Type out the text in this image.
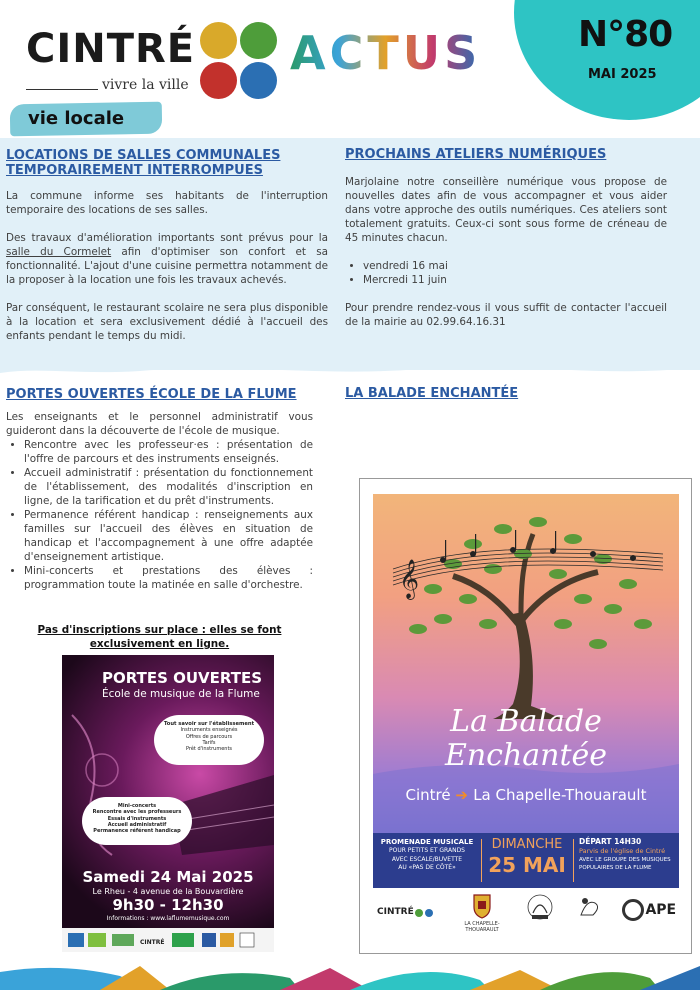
CINTRÉ
vivre la ville
ACTUS	N°80
MAI 2025
vie locale
LOCATIONS DE SALLES COMMUNALES
TEMPORAIREMENT INTERROMPUES

La commune informe ses habitants de l'interruption temporaire des locations de ses salles.

Des travaux d'amélioration importants sont prévus pour la salle du Cormelet afin d'optimiser son confort et sa fonctionnalité. L'ajout d'une cuisine permettra notamment de la proposer à la location une fois les travaux achevés.

Par conséquent, le restaurant scolaire ne sera plus disponible à la location et sera exclusivement dédié à l'accueil des enfants pendant le temps du midi.

PROCHAINS ATELIERS NUMÉRIQUES

Marjolaine notre conseillère numérique vous propose de nouvelles dates afin de vous accompagner et vous aider dans votre approche des outils numériques. Ces ateliers sont totalement gratuits. Ceux-ci sont sous forme de créneau de 45 minutes chacun.

• vendredi 16 mai
• Mercredi 11 juin

Pour prendre rendez-vous il vous suffit de contacter l'accueil de la mairie au 02.99.64.16.31

PORTES OUVERTES ÉCOLE DE LA FLUME
Les enseignants et le personnel administratif vous guideront dans la découverte de l'école de musique.
• Rencontre avec les professeur·es : présentation de l'offre de parcours et des instruments enseignés.
• Accueil administratif : présentation du fonctionnement de l'établissement, des modalités d'inscription en ligne, de la tarification et du prêt d'instruments.
• Permanence référent handicap : renseignements aux familles sur l'accueil des élèves en situation de handicap et l'accompagnement à une offre adaptée d'enseignement artistique.
• Mini-concerts et prestations des élèves : programmation toute la matinée en salle d'orchestre.
Pas d'inscriptions sur place : elles se font
exclusivement en ligne.
PORTES OUVERTES
École de musique de la Flume
Tout savoir sur l'établissement
Instruments enseignés
Offres de parcours
Tarifs
Prêt d'instruments
Mini-concerts
Rencontre avec les professeurs
Essais d'instruments
Accueil administratif
Permanence référent handicap
Samedi 24 Mai 2025
Le Rheu - 4 avenue de la Bouvardière
9h30 - 12h30
Informations : www.laflumemusique.com
CINTRÉ
LA BALADE ENCHANTÉE
𝄞
La Balade
Enchantée
Cintré ➔ La Chapelle-Thouarault
PROMENADE MUSICALE
POUR PETITS ET GRANDS
AVEC ESCALE/BUVETTE
AU «PAS DE CÔTÉ»
DIMANCHE
25 MAI
DÉPART 14H30
Parvis de l'église de Cintré
AVEC LE GROUPE DES MUSIQUES
POPULAIRES DE LA FLUME
CINTRÉ
LA CHAPELLE-THOUARAULT
APE
